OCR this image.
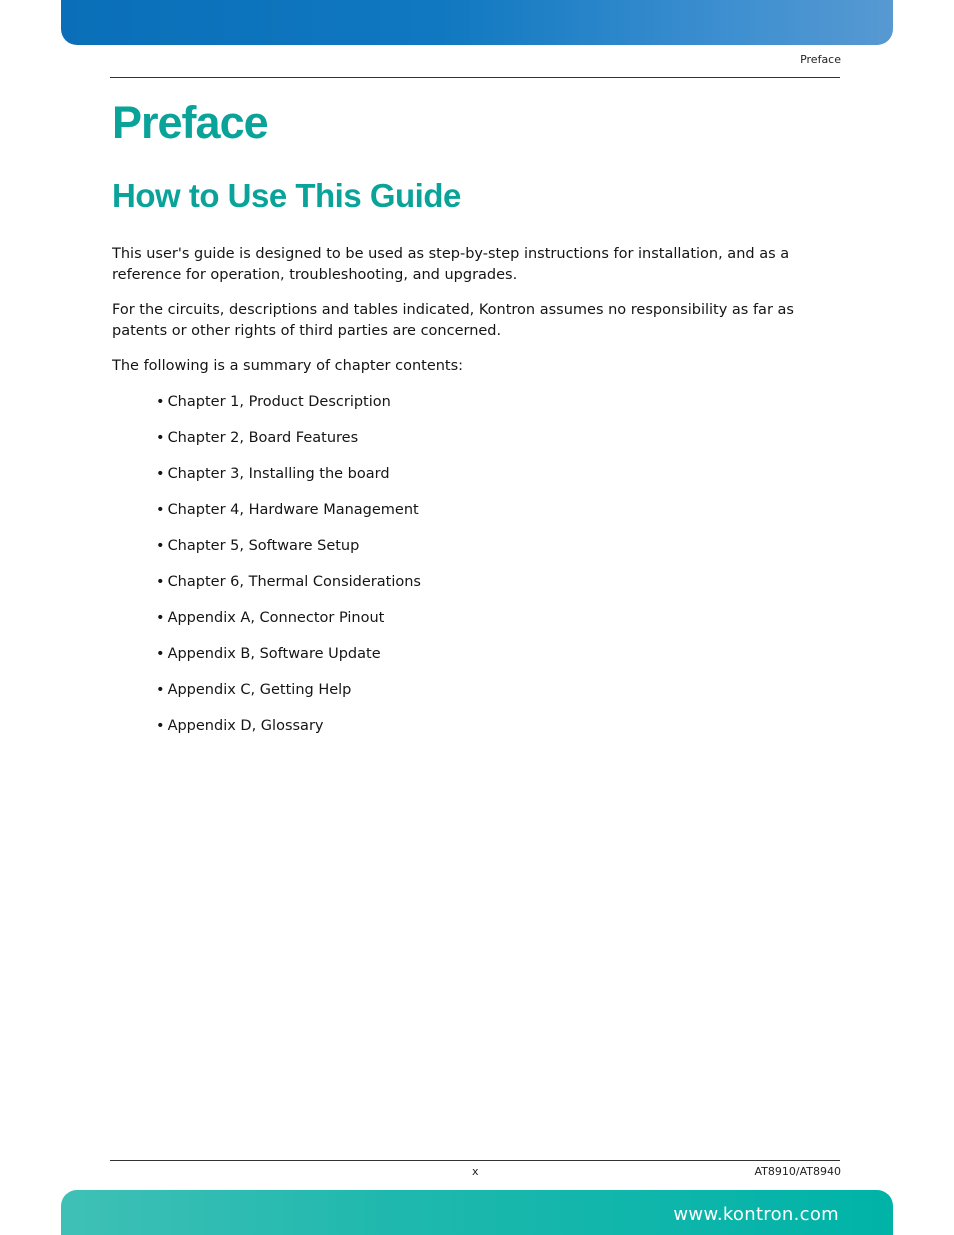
Preface
Preface
How to Use This Guide
This user's guide is designed to be used as step-by-step instructions for installation, and as a reference for operation, troubleshooting, and upgrades.
For the circuits, descriptions and tables indicated, Kontron assumes no responsibility as far as patents or other rights of third parties are concerned.
The following is a summary of chapter contents:
• Chapter 1, Product Description
• Chapter 2, Board Features
• Chapter 3, Installing the board
• Chapter 4, Hardware Management
• Chapter 5, Software Setup
• Chapter 6, Thermal Considerations
• Appendix A, Connector Pinout
• Appendix B, Software Update
• Appendix C, Getting Help
• Appendix D, Glossary
x	AT8910/AT8940
www.kontron.com
